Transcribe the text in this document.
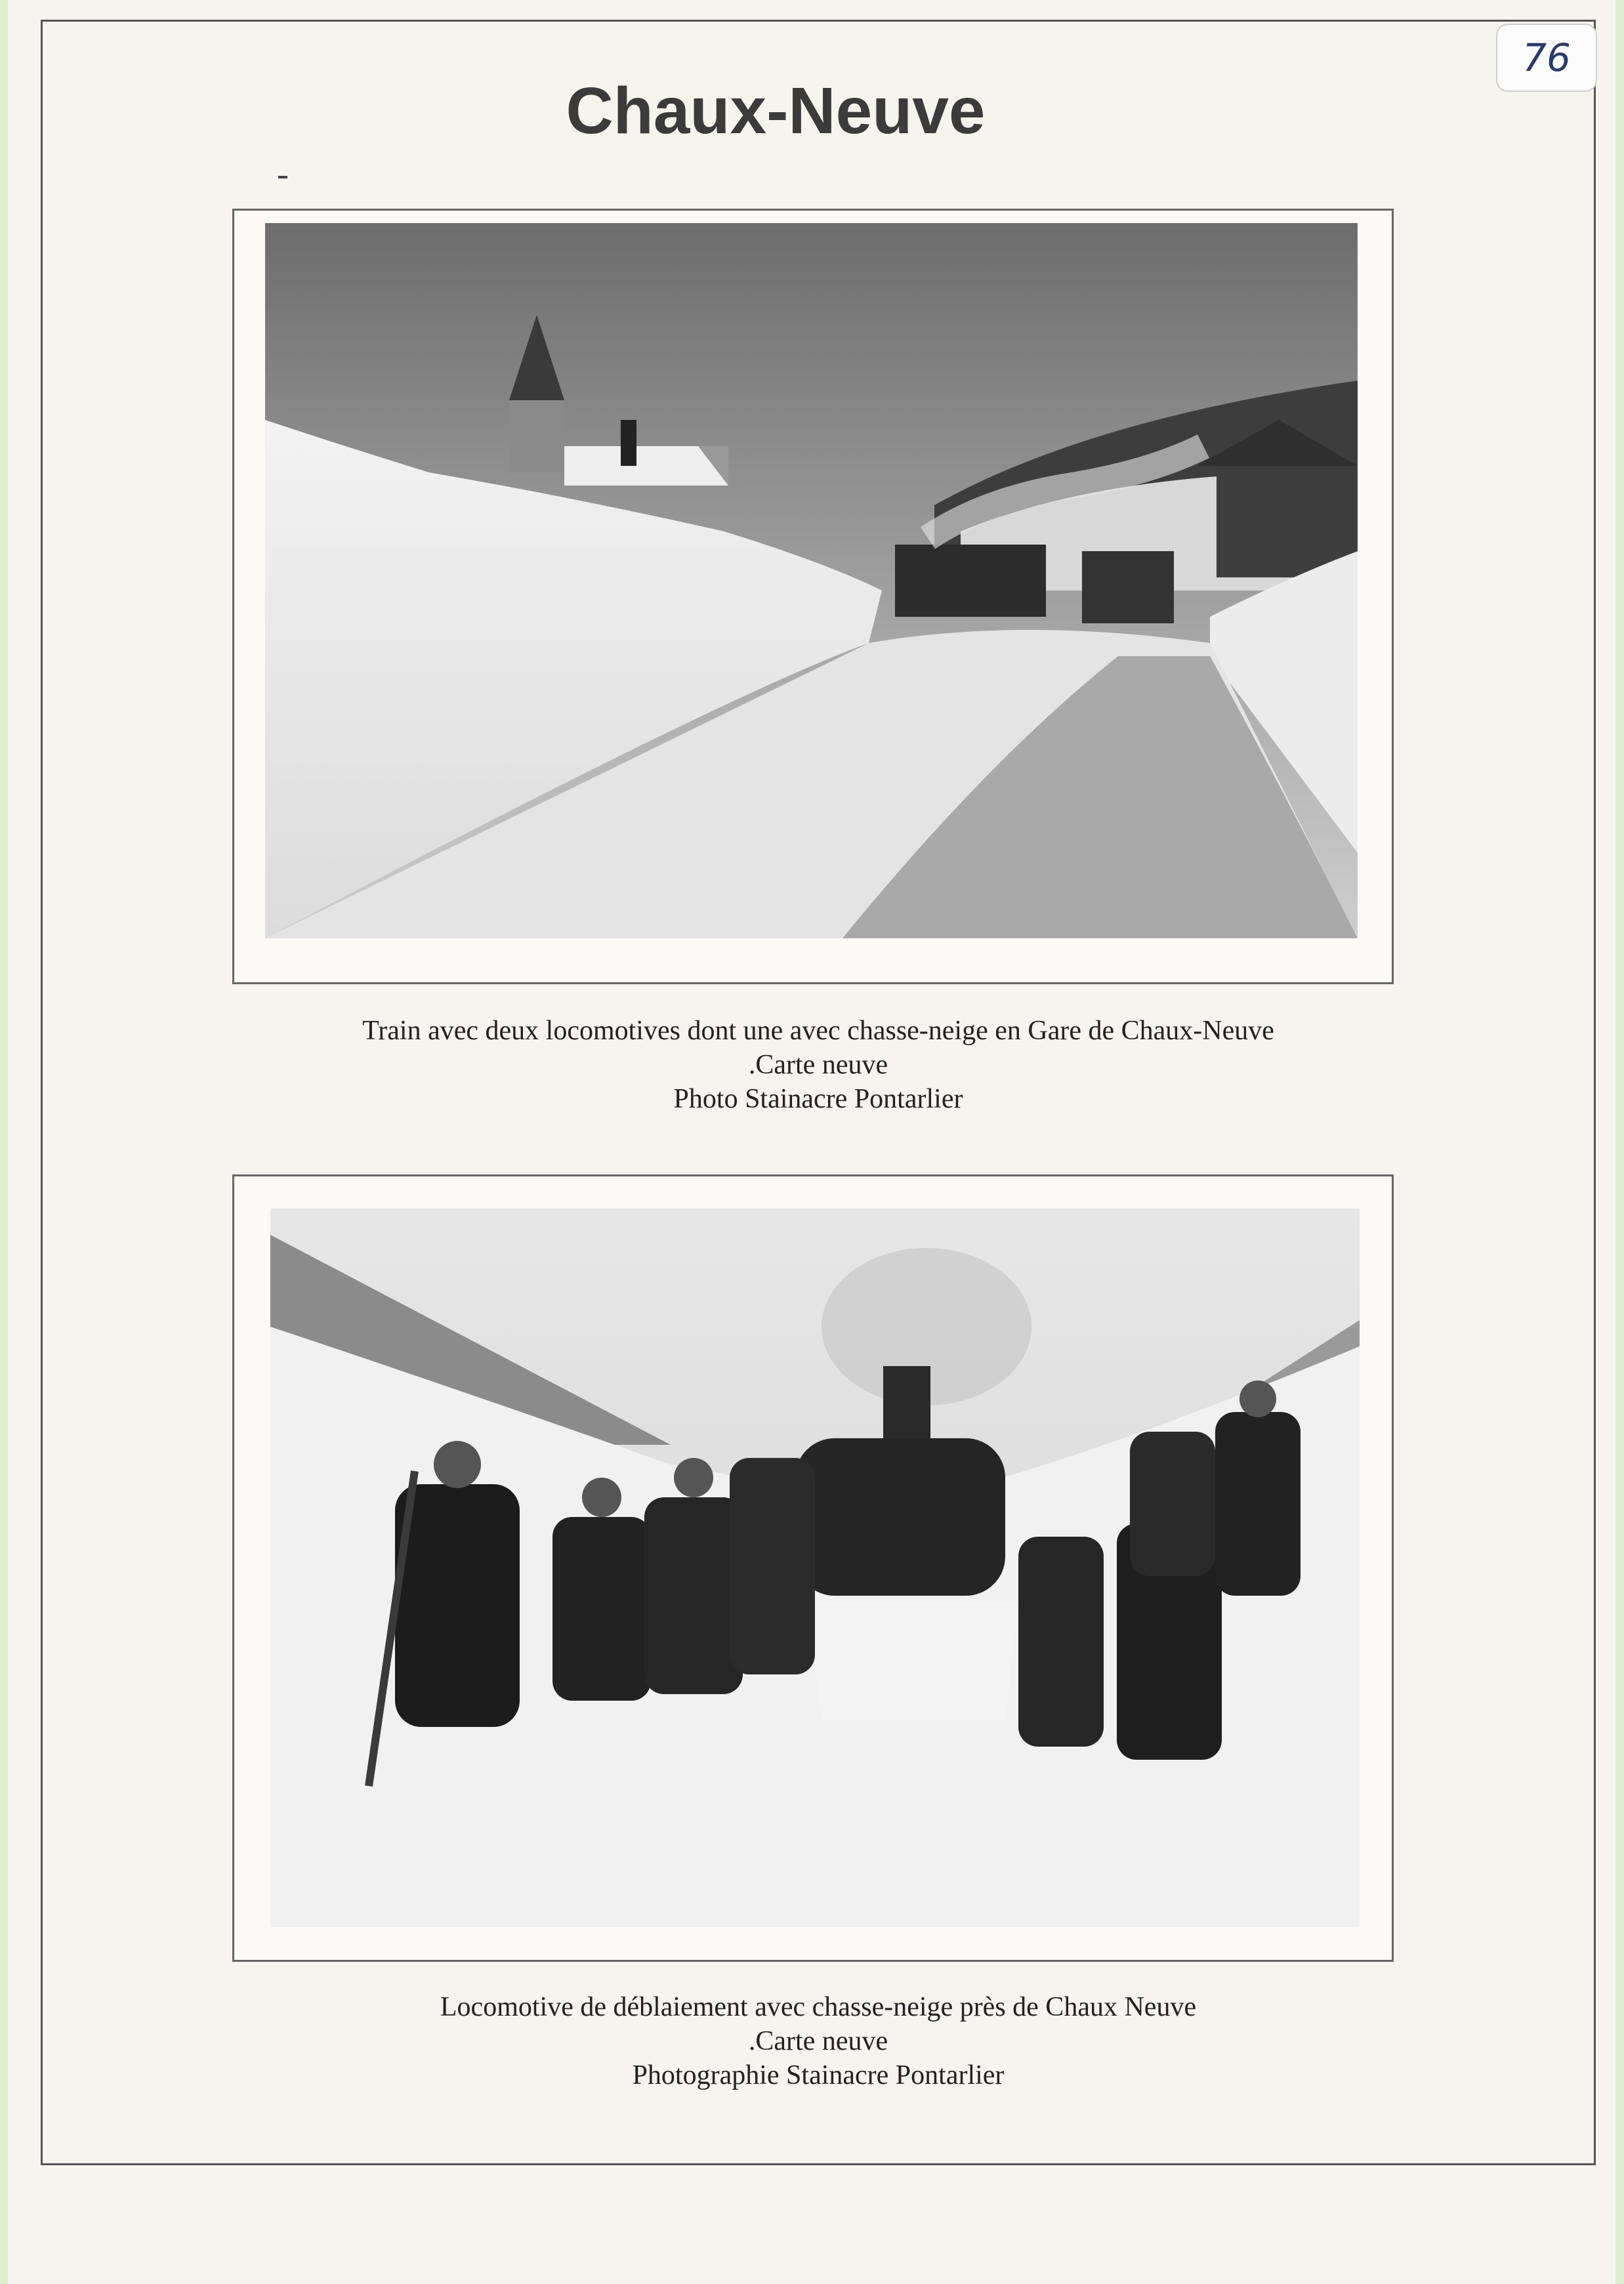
76
Chaux-Neuve
Train avec deux locomotives dont une avec chasse-neige en Gare de Chaux-Neuve
.Carte neuve
Photo Stainacre Pontarlier
Locomotive de déblaiement avec chasse-neige près de Chaux Neuve
.Carte neuve
Photographie Stainacre Pontarlier
